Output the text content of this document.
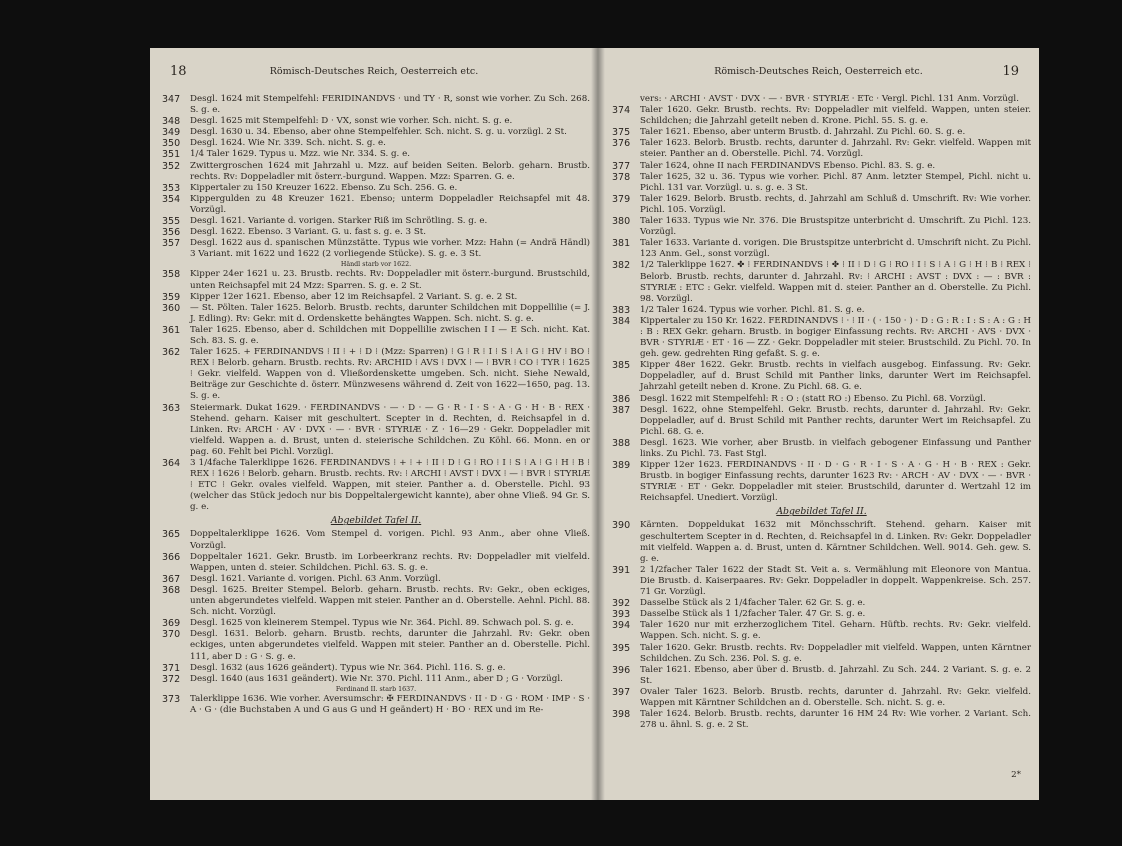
18	Römisch-Deutsches Reich, Oesterreich etc.
347	Desgl. 1624 mit Stempelfehl: FERIDINANDVS · und TY · R, sonst wie vorher. Zu Sch. 268. S. g. e.
348	Desgl. 1625 mit Stempelfehl: D · VX, sonst wie vorher. Sch. nicht. S. g. e.
349	Desgl. 1630 u. 34. Ebenso, aber ohne Stempelfehler. Sch. nicht. S. g. u. vorzügl. 2 St.
350	Desgl. 1624. Wie Nr. 339. Sch. nicht. S. g. e.
351	1/4 Taler 1629. Typus u. Mzz. wie Nr. 334. S. g. e.
352	Zwittergroschen 1624 mit Jahrzahl u. Mzz. auf beiden Seiten. Belorb. geharn. Brustb. rechts. Rv: Doppeladler mit österr.-burgund. Wappen. Mzz: Sparren. G. e.
353	Kippertaler zu 150 Kreuzer 1622. Ebenso. Zu Sch. 256. G. e.
354	Kippergulden zu 48 Kreuzer 1621. Ebenso; unterm Doppeladler Reichsapfel mit 48. Vorzügl.
355	Desgl. 1621. Variante d. vorigen. Starker Riß im Schrötling. S. g. e.
356	Desgl. 1622. Ebenso. 3 Variant. G. u. fast s. g. e. 3 St.
357	Desgl. 1622 aus d. spanischen Münzstätte. Typus wie vorher. Mzz: Hahn (= Andrä Händl) 3 Variant. mit 1622 und 1622 (2 vorliegende Stücke). S. g. e. 3 St.
Händl starb vor 1622.
358	Kipper 24er 1621 u. 23. Brustb. rechts. Rv: Doppeladler mit österr.-burgund. Brustschild, unten Reichsapfel mit 24 Mzz: Sparren. S. g. e. 2 St.
359	Kipper 12er 1621. Ebenso, aber 12 im Reichsapfel. 2 Variant. S. g. e. 2 St.
360	— St. Pölten. Taler 1625. Belorb. Brustb. rechts, darunter Schildchen mit Doppellilie (= J. J. Edling). Rv: Gekr. mit d. Ordenskette behängtes Wappen. Sch. nicht. S. g. e.
361	Taler 1625. Ebenso, aber d. Schildchen mit Doppellilie zwischen I I — E Sch. nicht. Kat. Sch. 83. S. g. e.
362	Taler 1625. + FERDINANDVS ⁝ II ⁝ + ⁝ D ⁝ (Mzz: Sparren) ⁝ G ⁝ R ⁝ I ⁝ S ⁝ A ⁝ G ⁝ HV ⁝ BO ⁝ REX ⁝ Belorb. geharn. Brustb. rechts. Rv: ARCHID ⁝ AVS ⁝ DVX ⁝ — ⁝ BVR ⁝ CO ⁝ TYR ⁝ 1625 ⁝ Gekr. vielfeld. Wappen von d. Vließordenskette umgeben. Sch. nicht. Siehe Newald, Beiträge zur Geschichte d. österr. Münzwesens während d. Zeit von 1622—1650, pag. 13. S. g. e.
363	Steiermark. Dukat 1629. · FERDINANDVS · — · D · — G · R · I · S · A · G · H · B · REX · Stehend. geharn. Kaiser mit geschultert. Scepter in d. Rechten, d. Reichsapfel in d. Linken. Rv: ARCH · AV · DVX · — · BVR · STYRIÆ · Z · 16—29 · Gekr. Doppeladler mit vielfeld. Wappen a. d. Brust, unten d. steierische Schildchen. Zu Köhl. 66. Monn. en or pag. 60. Fehlt bei Pichl. Vorzügl.
364	3 1/4fache Talerklippe 1626. FERDINANDVS ⁝ + ⁝ + ⁝ II ⁝ D ⁝ G ⁝ RO ⁝ I ⁝ S ⁝ A ⁝ G ⁝ H ⁝ B ⁝ REX ⁝ 1626 ⁝ Belorb. geharn. Brustb. rechts. Rv: ⁝ ARCHI ⁝ AVST ⁝ DVX ⁝ — ⁝ BVR ⁝ STYRIÆ ⁝ ETC ⁝ Gekr. ovales vielfeld. Wappen, mit steier. Panther a. d. Oberstelle. Pichl. 93 (welcher das Stück jedoch nur bis Doppeltalergewicht kannte), aber ohne Vließ. 94 Gr. S. g. e.
Abgebildet Tafel II.
365	Doppeltalerklippe 1626. Vom Stempel d. vorigen. Pichl. 93 Anm., aber ohne Vließ. Vorzügl.
366	Doppeltaler 1621. Gekr. Brustb. im Lorbeerkranz rechts. Rv: Doppeladler mit vielfeld. Wappen, unten d. steier. Schildchen. Pichl. 63. S. g. e.
367	Desgl. 1621. Variante d. vorigen. Pichl. 63 Anm. Vorzügl.
368	Desgl. 1625. Breiter Stempel. Belorb. geharn. Brustb. rechts. Rv: Gekr., oben eckiges, unten abgerundetes vielfeld. Wappen mit steier. Panther an d. Oberstelle. Aehnl. Pichl. 88. Sch. nicht. Vorzügl.
369	Desgl. 1625 von kleinerem Stempel. Typus wie Nr. 364. Pichl. 89. Schwach pol. S. g. e.
370	Desgl. 1631. Belorb. geharn. Brustb. rechts, darunter die Jahrzahl. Rv: Gekr. oben eckiges, unten abgerundetes vielfeld. Wappen mit steier. Panther an d. Oberstelle. Pichl. 111, aber D : G · S. g. e.
371	Desgl. 1632 (aus 1626 geändert). Typus wie Nr. 364. Pichl. 116. S. g. e.
372	Desgl. 1640 (aus 1631 geändert). Wie Nr. 370. Pichl. 111 Anm., aber D ; G · Vorzügl.
Ferdinand II. starb 1637.
373	Talerklippe 1636. Wie vorher. Aversumschr: ✠ FERDINANDVS · II · D · G · ROM · IMP · S · A · G · (die Buchstaben A und G aus G und H geändert) H · BO · REX und im Re-
Römisch-Deutsches Reich, Oesterreich etc.	19
vers: · ARCHI · AVST · DVX · — · BVR · STYRIÆ · ETc · Vergl. Pichl. 131 Anm. Vorzügl.
374	Taler 1620. Gekr. Brustb. rechts. Rv: Doppeladler mit vielfeld. Wappen, unten steier. Schildchen; die Jahrzahl geteilt neben d. Krone. Pichl. 55. S. g. e.
375	Taler 1621. Ebenso, aber unterm Brustb. d. Jahrzahl. Zu Pichl. 60. S. g. e.
376	Taler 1623. Belorb. Brustb. rechts, darunter d. Jahrzahl. Rv: Gekr. vielfeld. Wappen mit steier. Panther an d. Oberstelle. Pichl. 74. Vorzügl.
377	Taler 1624, ohne II nach FERDINANDVS Ebenso. Pichl. 83. S. g. e.
378	Taler 1625, 32 u. 36. Typus wie vorher. Pichl. 87 Anm. letzter Stempel, Pichl. nicht u. Pichl. 131 var. Vorzügl. u. s. g. e. 3 St.
379	Taler 1629. Belorb. Brustb. rechts, d. Jahrzahl am Schluß d. Umschrift. Rv: Wie vorher. Pichl. 105. Vorzügl.
380	Taler 1633. Typus wie Nr. 376. Die Brustspitze unterbricht d. Umschrift. Zu Pichl. 123. Vorzügl.
381	Taler 1633. Variante d. vorigen. Die Brustspitze unterbricht d. Umschrift nicht. Zu Pichl. 123 Anm. Gel., sonst vorzügl.
382	1/2 Talerklippe 1627. ✤ ⁝ FERDINANDVS ⁝ ✤ ⁝ II ⁝ D ⁝ G ⁝ RO ⁝ I ⁝ S ⁝ A ⁝ G ⁝ H ⁝ B ⁝ REX ⁝ Belorb. Brustb. rechts, darunter d. Jahrzahl. Rv: ⁝ ARCHI : AVST : DVX : — : BVR : STYRIÆ : ETC : Gekr. vielfeld. Wappen mit d. steier. Panther an d. Oberstelle. Zu Pichl. 98. Vorzügl.
383	1/2 Taler 1624. Typus wie vorher. Pichl. 81. S. g. e.
384	Kippertaler zu 150 Kr. 1622. FERDINANDVS ⁝ · ⁝ II · ( · 150 · ) · D : G : R : I : S : A : G : H : B : REX Gekr. geharn. Brustb. in bogiger Einfassung rechts. Rv: ARCHI · AVS · DVX · BVR · STYRIÆ · ET · 16 — ZZ · Gekr. Doppeladler mit steier. Brustschild. Zu Pichl. 70. In geh. gew. gedrehten Ring gefaßt. S. g. e.
385	Kipper 48er 1622. Gekr. Brustb. rechts in vielfach ausgebog. Einfassung. Rv: Gekr. Doppeladler, auf d. Brust Schild mit Panther links, darunter Wert im Reichsapfel. Jahrzahl geteilt neben d. Krone. Zu Pichl. 68. G. e.
386	Desgl. 1622 mit Stempelfehl: R : O : (statt RO :) Ebenso. Zu Pichl. 68. Vorzügl.
387	Desgl. 1622, ohne Stempelfehl. Gekr. Brustb. rechts, darunter d. Jahrzahl. Rv: Gekr. Doppeladler, auf d. Brust Schild mit Panther rechts, darunter Wert im Reichsapfel. Zu Pichl. 68. G. e.
388	Desgl. 1623. Wie vorher, aber Brustb. in vielfach gebogener Einfassung und Panther links. Zu Pichl. 73. Fast Stgl.
389	Kipper 12er 1623. FERDINANDVS · II · D · G · R · I · S · A · G · H · B · REX : Gekr. Brustb. in bogiger Einfassung rechts, darunter 1623 Rv: · ARCH · AV · DVX · — · BVR · STYRIÆ · ET · Gekr. Doppeladler mit steier. Brustschild, darunter d. Wertzahl 12 im Reichsapfel. Unediert. Vorzügl.
Abgebildet Tafel II.
390	Kärnten. Doppeldukat 1632 mit Mönchsschrift. Stehend. geharn. Kaiser mit geschultertem Scepter in d. Rechten, d. Reichsapfel in d. Linken. Rv: Gekr. Doppeladler mit vielfeld. Wappen a. d. Brust, unten d. Kärntner Schildchen. Well. 9014. Geh. gew. S. g. e.
391	2 1/2facher Taler 1622 der Stadt St. Veit a. s. Vermählung mit Eleonore von Mantua. Die Brustb. d. Kaiserpaares. Rv: Gekr. Doppeladler in doppelt. Wappenkreise. Sch. 257. 71 Gr. Vorzügl.
392	Dasselbe Stück als 2 1/4facher Taler. 62 Gr. S. g. e.
393	Dasselbe Stück als 1 1/2facher Taler. 47 Gr. S. g. e.
394	Taler 1620 nur mit erzherzoglichem Titel. Geharn. Hüftb. rechts. Rv: Gekr. vielfeld. Wappen. Sch. nicht. S. g. e.
395	Taler 1620. Gekr. Brustb. rechts. Rv: Doppeladler mit vielfeld. Wappen, unten Kärntner Schildchen. Zu Sch. 236. Pol. S. g. e.
396	Taler 1621. Ebenso, aber über d. Brustb. d. Jahrzahl. Zu Sch. 244. 2 Variant. S. g. e. 2 St.
397	Ovaler Taler 1623. Belorb. Brustb. rechts, darunter d. Jahrzahl. Rv: Gekr. vielfeld. Wappen mit Kärntner Schildchen an d. Oberstelle. Sch. nicht. S. g. e.
398	Taler 1624. Belorb. Brustb. rechts, darunter 16 HM 24 Rv: Wie vorher. 2 Variant. Sch. 278 u. ähnl. S. g. e. 2 St.
2*
